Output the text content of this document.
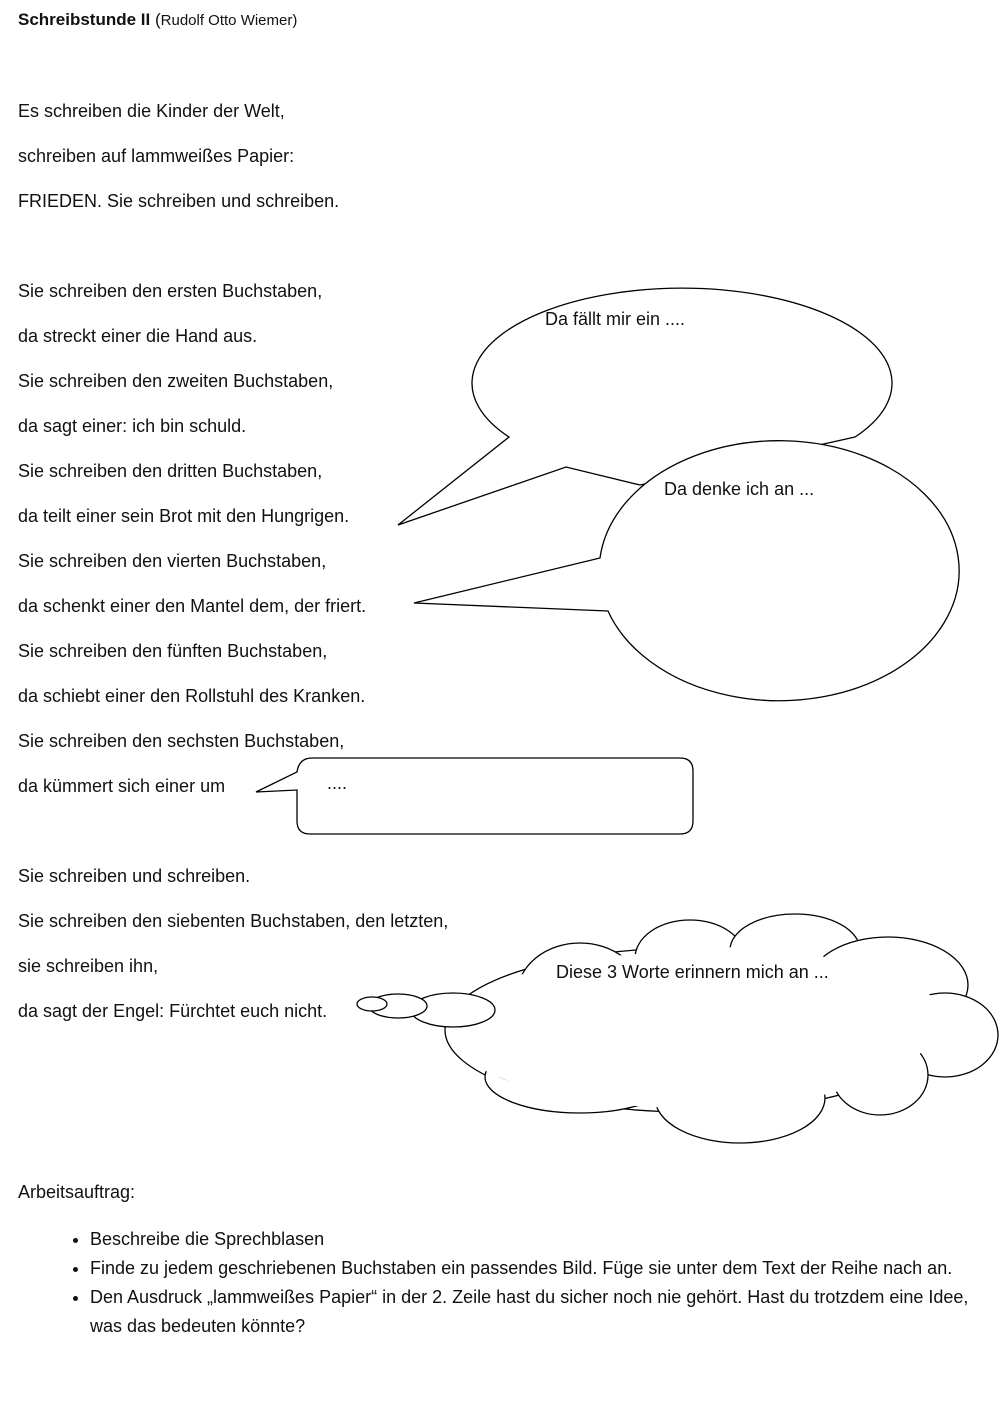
Schreibstunde II (Rudolf Otto Wiemer)
Es schreiben die Kinder der Welt,
schreiben auf lammweißes Papier:
FRIEDEN. Sie schreiben und schreiben.
Sie schreiben den ersten Buchstaben,
da streckt einer die Hand aus.
Sie schreiben den zweiten Buchstaben,
da sagt einer: ich bin schuld.
Sie schreiben den dritten Buchstaben,
da teilt einer sein Brot mit den Hungrigen.
Sie schreiben den vierten Buchstaben,
da schenkt einer den Mantel dem, der friert.
Sie schreiben den fünften Buchstaben,
da schiebt einer den Rollstuhl des Kranken.
Sie schreiben den sechsten Buchstaben,
da kümmert sich einer um
Sie schreiben und schreiben.
Sie schreiben den siebenten Buchstaben, den letzten,
sie schreiben ihn,
da sagt der Engel: Fürchtet euch nicht.
Da fällt mir ein ....
Da denke ich an ...
....
Diese 3 Worte erinnern mich an ...
Arbeitsauftrag:
• Beschreibe die Sprechblasen
• Finde zu jedem geschriebenen Buchstaben ein passendes Bild. Füge sie unter dem Text der Reihe nach an.
• Den Ausdruck „lammweißes Papier“ in der 2. Zeile hast du sicher noch nie gehört. Hast du trotzdem eine Idee, was das bedeuten könnte?
